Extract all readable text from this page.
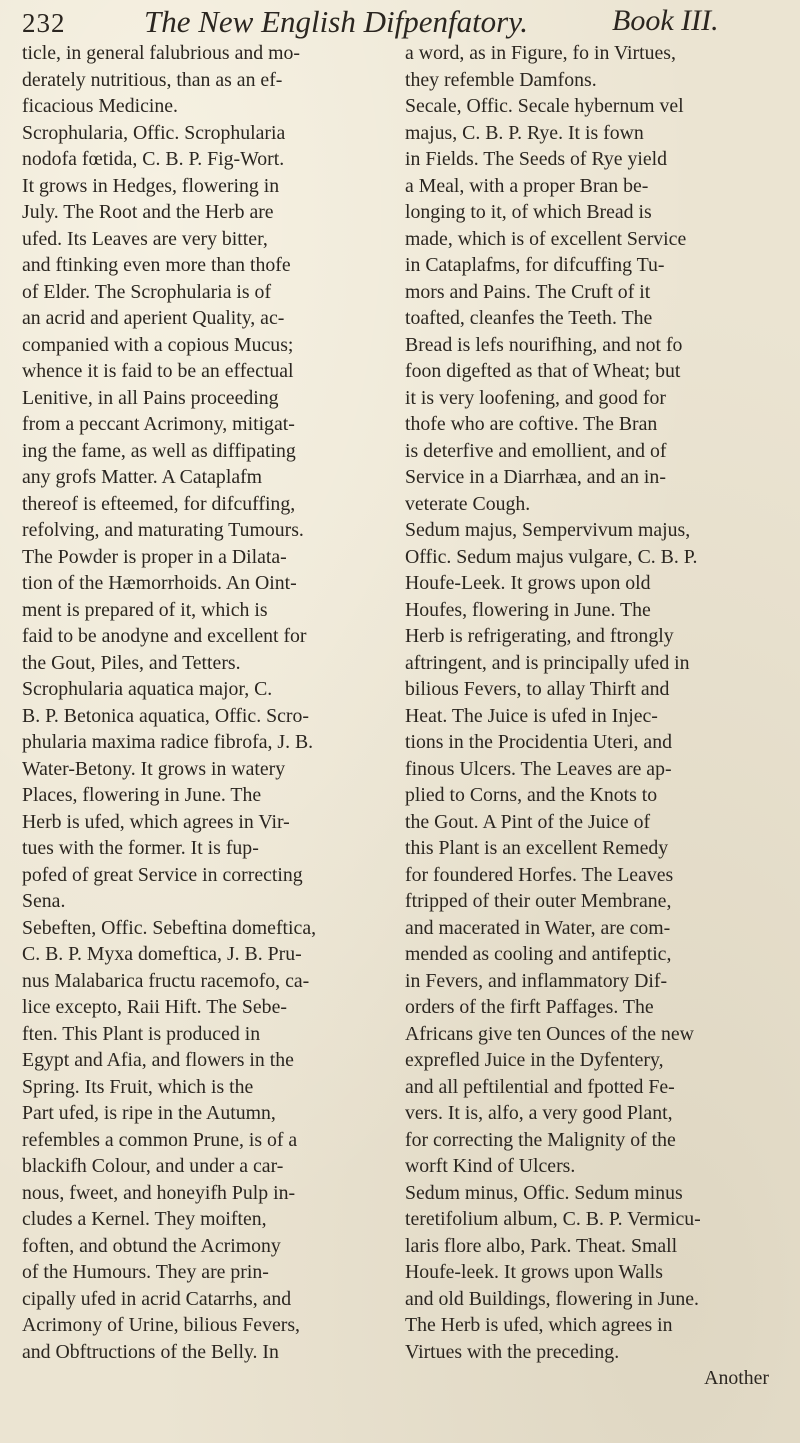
232	The New English Difpenfatory.	Book III.
ticle, in general falubrious and mo-
derately nutritious, than as an ef-
ficacious Medicine.
Scrophularia, Offic. Scrophularia
nodofa fœtida, C. B. P. Fig-Wort.
It grows in Hedges, flowering in
July. The Root and the Herb are
ufed. Its Leaves are very bitter,
and ftinking even more than thofe
of Elder. The Scrophularia is of
an acrid and aperient Quality, ac-
companied with a copious Mucus;
whence it is faid to be an effectual
Lenitive, in all Pains proceeding
from a peccant Acrimony, mitigat-
ing the fame, as well as diffipating
any grofs Matter. A Cataplafm
thereof is efteemed, for difcuffing,
refolving, and maturating Tumours.
The Powder is proper in a Dilata-
tion of the Hæmorrhoids. An Oint-
ment is prepared of it, which is
faid to be anodyne and excellent for
the Gout, Piles, and Tetters.
Scrophularia aquatica major, C.
B. P. Betonica aquatica, Offic. Scro-
phularia maxima radice fibrofa, J. B.
Water-Betony. It grows in watery
Places, flowering in June. The
Herb is ufed, which agrees in Vir-
tues with the former. It is fup-
pofed of great Service in correcting
Sena.
Sebeften, Offic. Sebeftina domeftica,
C. B. P. Myxa domeftica, J. B. Pru-
nus Malabarica fructu racemofo, ca-
lice excepto, Raii Hift. The Sebe-
ften. This Plant is produced in
Egypt and Afia, and flowers in the
Spring. Its Fruit, which is the
Part ufed, is ripe in the Autumn,
refembles a common Prune, is of a
blackifh Colour, and under a car-
nous, fweet, and honeyifh Pulp in-
cludes a Kernel. They moiften,
foften, and obtund the Acrimony
of the Humours. They are prin-
cipally ufed in acrid Catarrhs, and
Acrimony of Urine, bilious Fevers,
and Obftructions of the Belly. In
a word, as in Figure, fo in Virtues,
they refemble Damfons.
Secale, Offic. Secale hybernum vel
majus, C. B. P. Rye. It is fown
in Fields. The Seeds of Rye yield
a Meal, with a proper Bran be-
longing to it, of which Bread is
made, which is of excellent Service
in Cataplafms, for difcuffing Tu-
mors and Pains. The Cruft of it
toafted, cleanfes the Teeth. The
Bread is lefs nourifhing, and not fo
foon digefted as that of Wheat; but
it is very loofening, and good for
thofe who are coftive. The Bran
is deterfive and emollient, and of
Service in a Diarrhæa, and an in-
veterate Cough.
Sedum majus, Sempervivum majus,
Offic. Sedum majus vulgare, C. B. P.
Houfe-Leek. It grows upon old
Houfes, flowering in June. The
Herb is refrigerating, and ftrongly
aftringent, and is principally ufed in
bilious Fevers, to allay Thirft and
Heat. The Juice is ufed in Injec-
tions in the Procidentia Uteri, and
finous Ulcers. The Leaves are ap-
plied to Corns, and the Knots to
the Gout. A Pint of the Juice of
this Plant is an excellent Remedy
for foundered Horfes. The Leaves
ftripped of their outer Membrane,
and macerated in Water, are com-
mended as cooling and antifeptic,
in Fevers, and inflammatory Dif-
orders of the firft Paffages. The
Africans give ten Ounces of the new
exprefled Juice in the Dyfentery,
and all peftilential and fpotted Fe-
vers. It is, alfo, a very good Plant,
for correcting the Malignity of the
worft Kind of Ulcers.
Sedum minus, Offic. Sedum minus
teretifolium album, C. B. P. Vermicu-
laris flore albo, Park. Theat. Small
Houfe-leek. It grows upon Walls
and old Buildings, flowering in June.
The Herb is ufed, which agrees in
Virtues with the preceding.
Another
